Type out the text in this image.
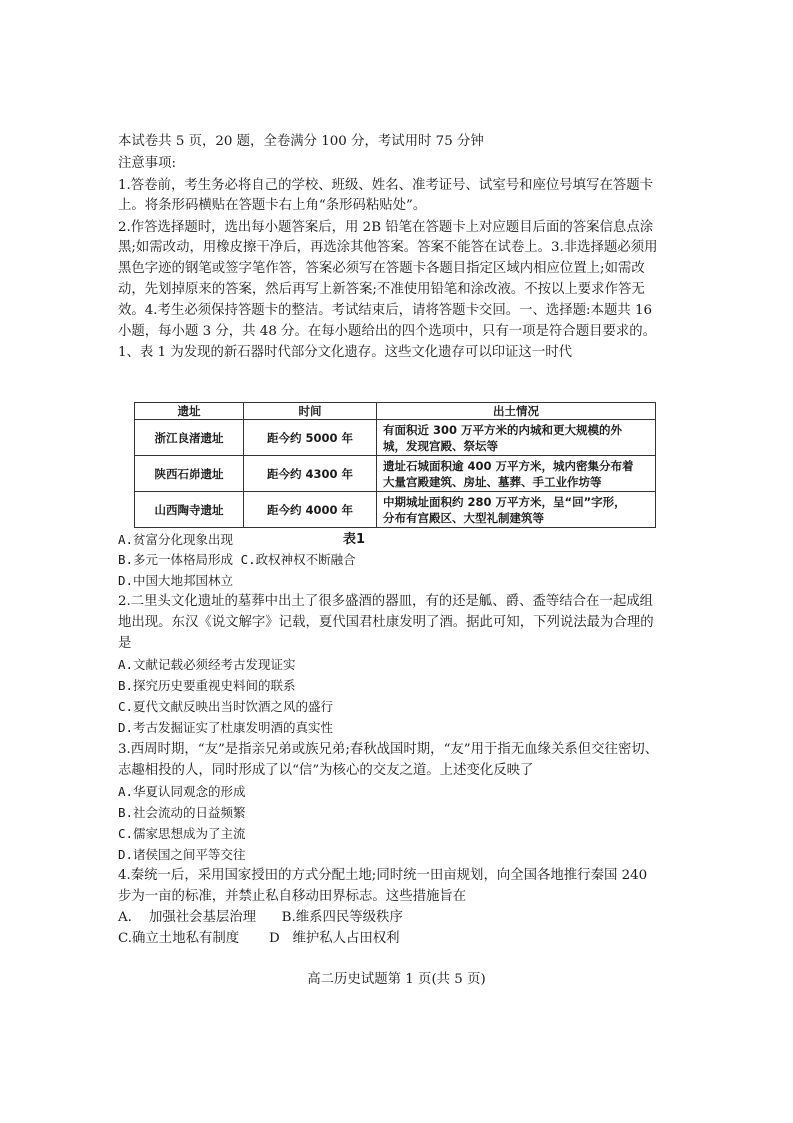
本试卷共 5 页，20 题，全卷满分 100 分，考试用时 75 分钟
注意事项:
1.答卷前，考生务必将自己的学校、班级、姓名、准考证号、试室号和座位号填写在答题卡
上。将条形码横贴在答题卡右上角“条形码粘贴处”。
2.作答选择题时，选出每小题答案后，用 2B 铅笔在答题卡上对应题目后面的答案信息点涂
黑;如需改动，用橡皮擦干净后，再选涂其他答案。答案不能答在试卷上。3.非选择题必须用
黑色字迹的钢笔或签字笔作答，答案必须写在答题卡各题目指定区域内相应位置上;如需改
动，先划掉原来的答案，然后再写上新答案;不准使用铅笔和涂改液。不按以上要求作答无
效。4.考生必须保持答题卡的整洁。考试结束后，请将答题卡交回。一、选择题:本题共 16
小题，每小题 3 分，共 48 分。在每小题给出的四个选项中，只有一项是符合题目要求的。
1、表 1 为发现的新石器时代部分文化遗存。这些文化遗存可以印证这一时代
遗址	时间	出土情况
浙江良渚遗址	距今约 5000 年	有面积近 300 万平方米的内城和更大规模的外
城，发现宫殿、祭坛等

陕西石峁遗址	距今约 4300 年	遗址石城面积逾 400 万平方米，城内密集分布着
大量宫殿建筑、房址、墓葬、手工业作坊等

山西陶寺遗址	距今约 4000 年	中期城址面积约 280 万平方米，呈“回”字形，
分布有宫殿区、大型礼制建筑等
表1
A.贫富分化现象出现
B.多元一体格局形成 C.政权神权不断融合
D.中国大地邦国林立
2.二里头文化遗址的墓葬中出土了很多盛酒的器皿，有的还是觚、爵、盉等结合在一起成组
地出现。东汉《说文解字》记载，夏代国君杜康发明了酒。据此可知，下列说法最为合理的
是
A.文献记载必须经考古发现证实
B.探究历史要重视史料间的联系
C.夏代文献反映出当时饮酒之风的盛行
D.考古发掘证实了杜康发明酒的真实性
3.西周时期，“友”是指亲兄弟或族兄弟;春秋战国时期，“友”用于指无血缘关系但交往密切、
志趣相投的人，同时形成了以“信”为核心的交友之道。上述变化反映了
A.华夏认同观念的形成
B.社会流动的日益频繁
C.儒家思想成为了主流
D.诸侯国之间平等交往
4.秦统一后，采用国家授田的方式分配土地;同时统一田亩规划，向全国各地推行秦国 240
步为一亩的标准，并禁止私自移动田界标志。这些措施旨在
A.    加强社会基层治理      B.维系四民等级秩序
C.确立土地私有制度       D   维护私人占田权利
高二历史试题第 1 页(共 5 页)
